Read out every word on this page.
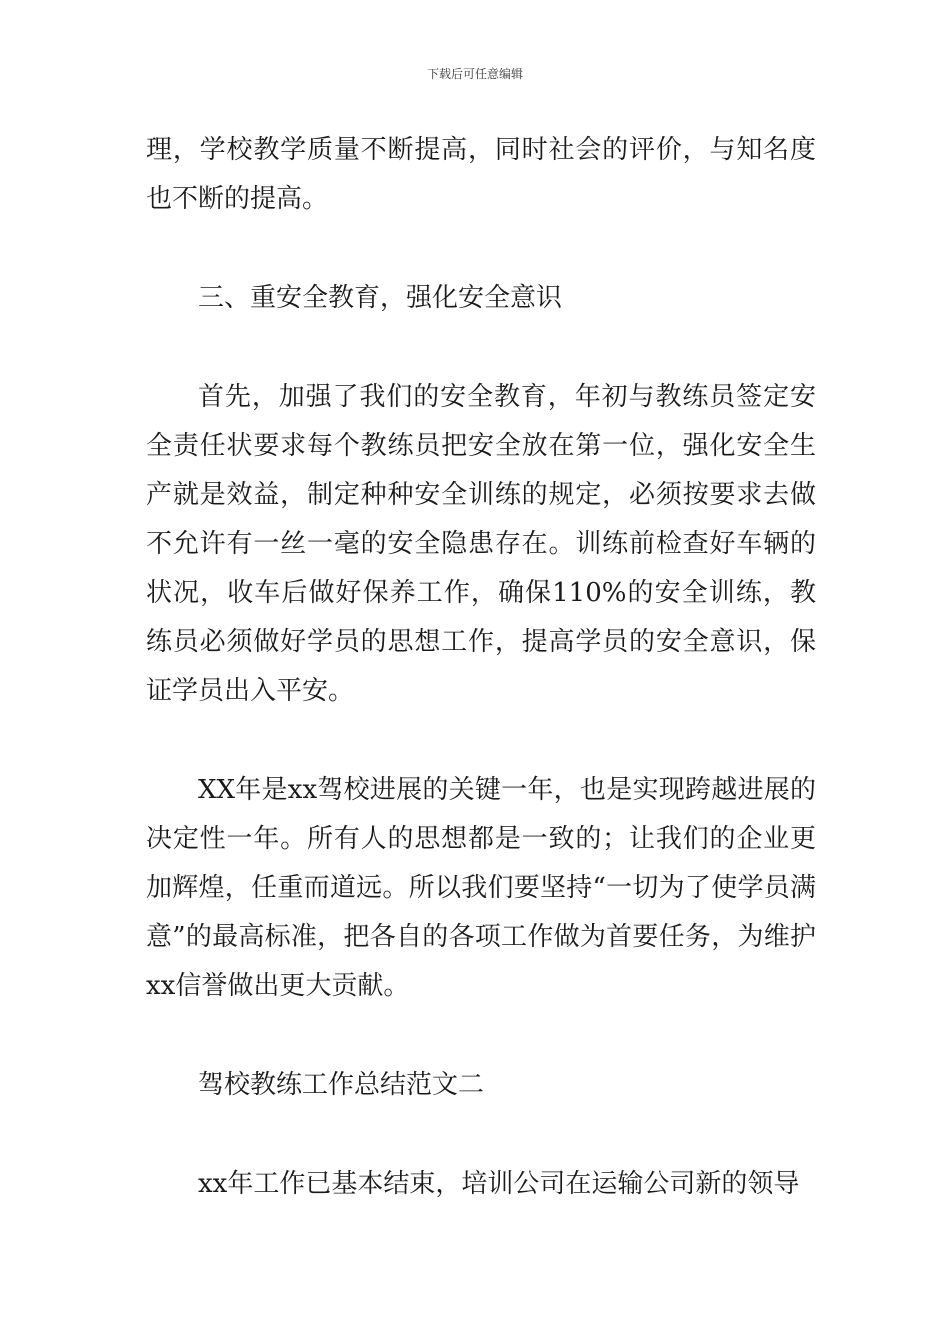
下载后可任意编辑

理，学校教学质量不断提高，同时社会的评价，与知名度也不断的提高。

三、重安全教育，强化安全意识

首先，加强了我们的安全教育，年初与教练员签定安全责任状要求每个教练员把安全放在第一位，强化安全生产就是效益，制定种种安全训练的规定，必须按要求去做不允许有一丝一毫的安全隐患存在。训练前检查好车辆的状况，收车后做好保养工作，确保110%的安全训练，教练员必须做好学员的思想工作，提高学员的安全意识，保证学员出入平安。

XX年是xx驾校进展的关键一年，也是实现跨越进展的决定性一年。所有人的思想都是一致的；让我们的企业更加辉煌，任重而道远。所以我们要坚持“一切为了使学员满意”的最高标准，把各自的各项工作做为首要任务，为维护xx信誉做出更大贡献。

驾校教练工作总结范文二

xx年工作已基本结束，培训公司在运输公司新的领导
